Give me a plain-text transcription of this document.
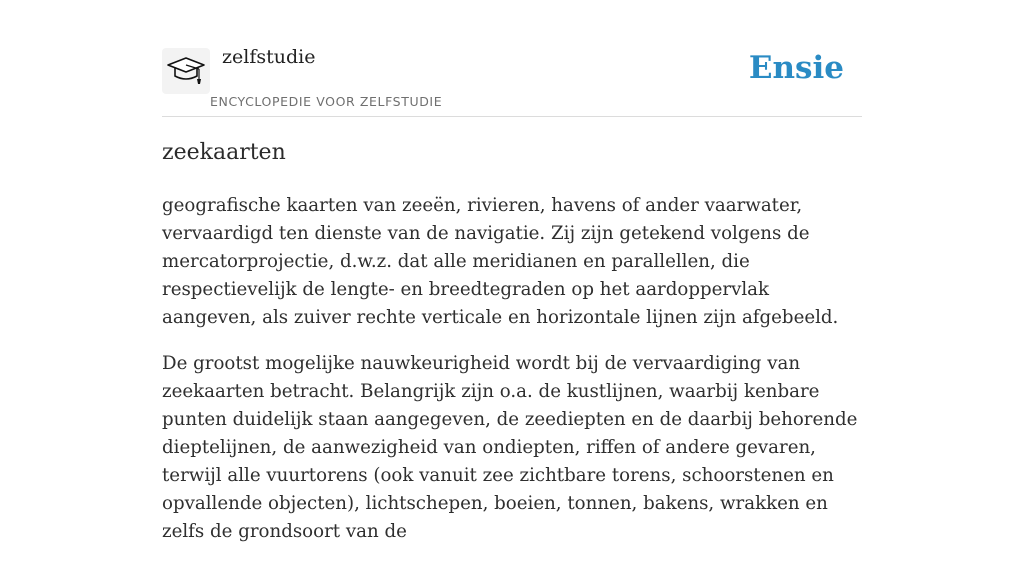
zelfstudie
ENCYCLOPEDIE VOOR ZELFSTUDIE
Ensie
zeekaarten

geografische kaarten van zeeën, rivieren, havens of ander vaarwater, vervaardigd ten dienste van de navigatie. Zij zijn getekend volgens de mercatorprojectie, d.w.z. dat alle meridianen en parallellen, die respectievelijk de lengte- en breedtegraden op het aardoppervlak aangeven, als zuiver rechte verticale en horizontale lijnen zijn afgebeeld.

De grootst mogelijke nauwkeurigheid wordt bij de vervaardiging van zeekaarten betracht. Belangrijk zijn o.a. de kustlijnen, waarbij kenbare punten duidelijk staan aangegeven, de zeediepten en de daarbij behorende dieptelijnen, de aanwezigheid van ondiepten, riffen of andere gevaren, terwijl alle vuurtorens (ook vanuit zee zichtbare torens, schoorstenen en opvallende objecten), lichtschepen, boeien, tonnen, bakens, wrakken en zelfs de grondsoort van de
